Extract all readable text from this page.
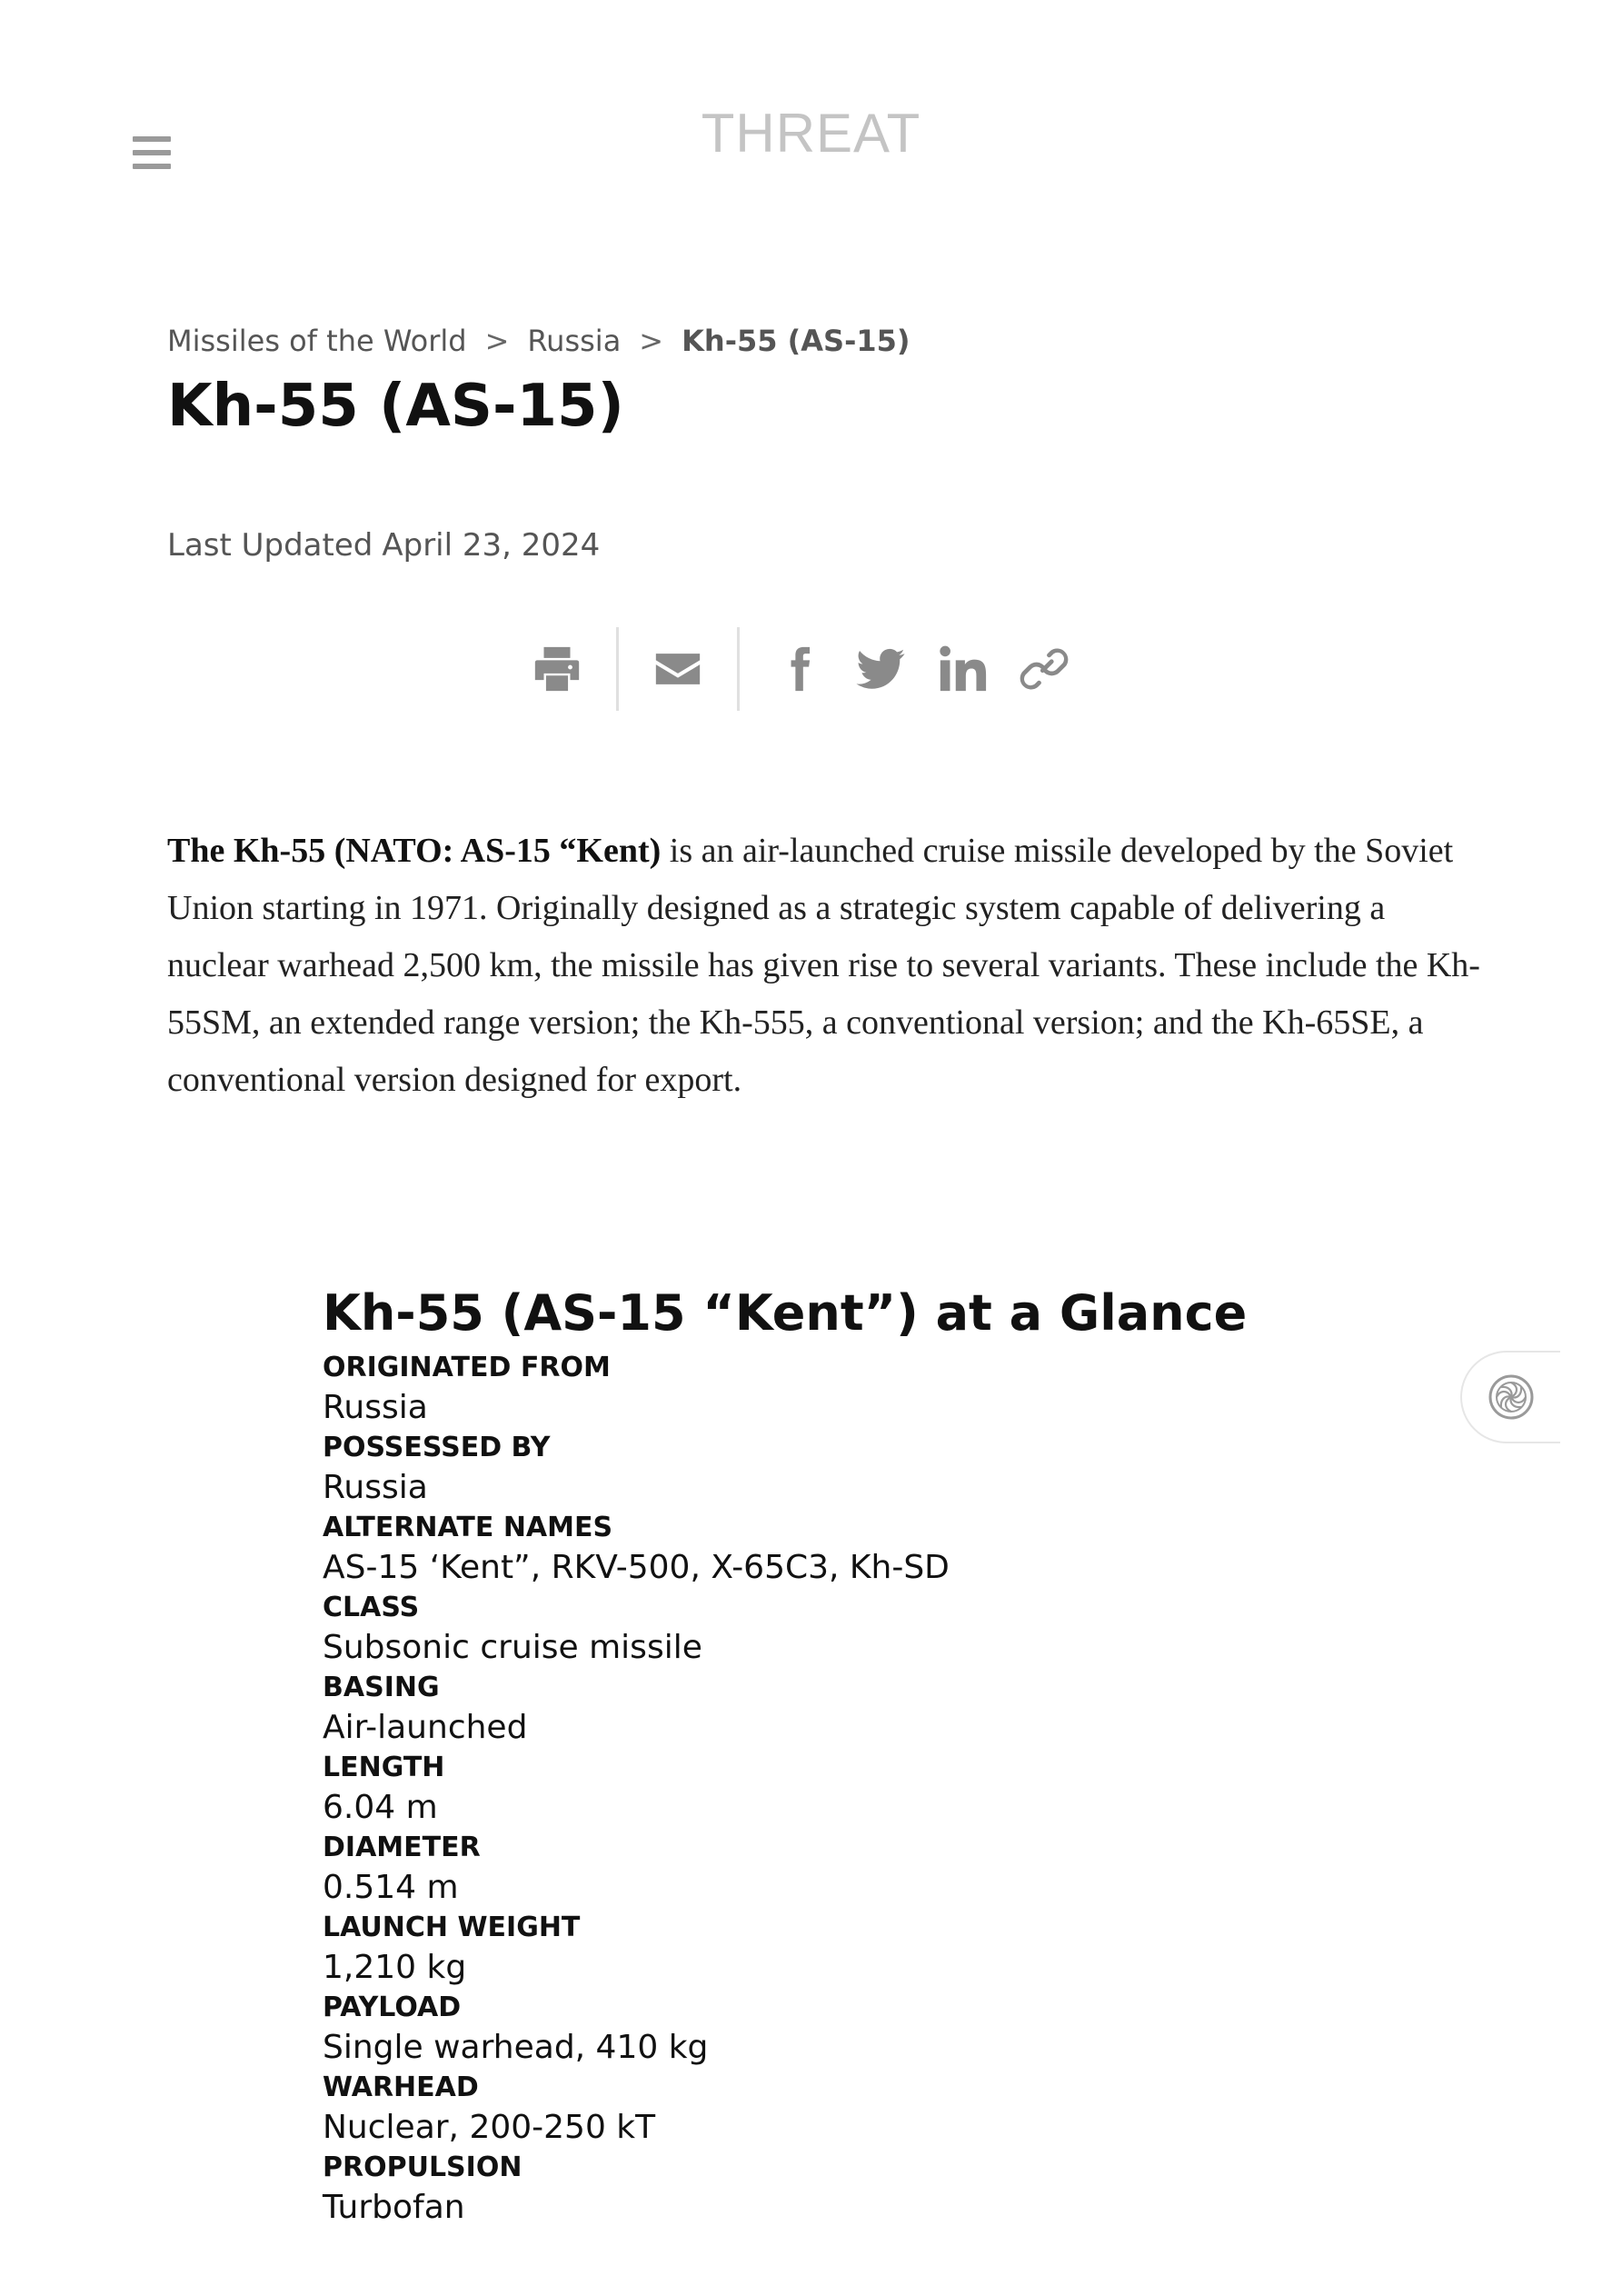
THREAT
Missiles of the World > Russia > Kh-55 (AS-15)
Kh-55 (AS-15)
Last Updated April 23, 2024

The Kh-55 (NATO: AS-15 “Kent) is an air-launched cruise missile developed by the Soviet Union starting in 1971. Originally designed as a strategic system capable of delivering a nuclear warhead 2,500 km, the missile has given rise to several variants. These include the Kh-55SM, an extended range version; the Kh-555, a conventional version; and the Kh-65SE, a conventional version designed for export.

Kh-55 (AS-15 “Kent”) at a Glance
ORIGINATED FROM
Russia
POSSESSED BY
Russia
ALTERNATE NAMES
AS-15 ‘Kent”, RKV-500, X-65C3, Kh-SD
CLASS
Subsonic cruise missile
BASING
Air-launched
LENGTH
6.04 m
DIAMETER
0.514 m
LAUNCH WEIGHT
1,210 kg
PAYLOAD
Single warhead, 410 kg
WARHEAD
Nuclear, 200-250 kT
PROPULSION
Turbofan
